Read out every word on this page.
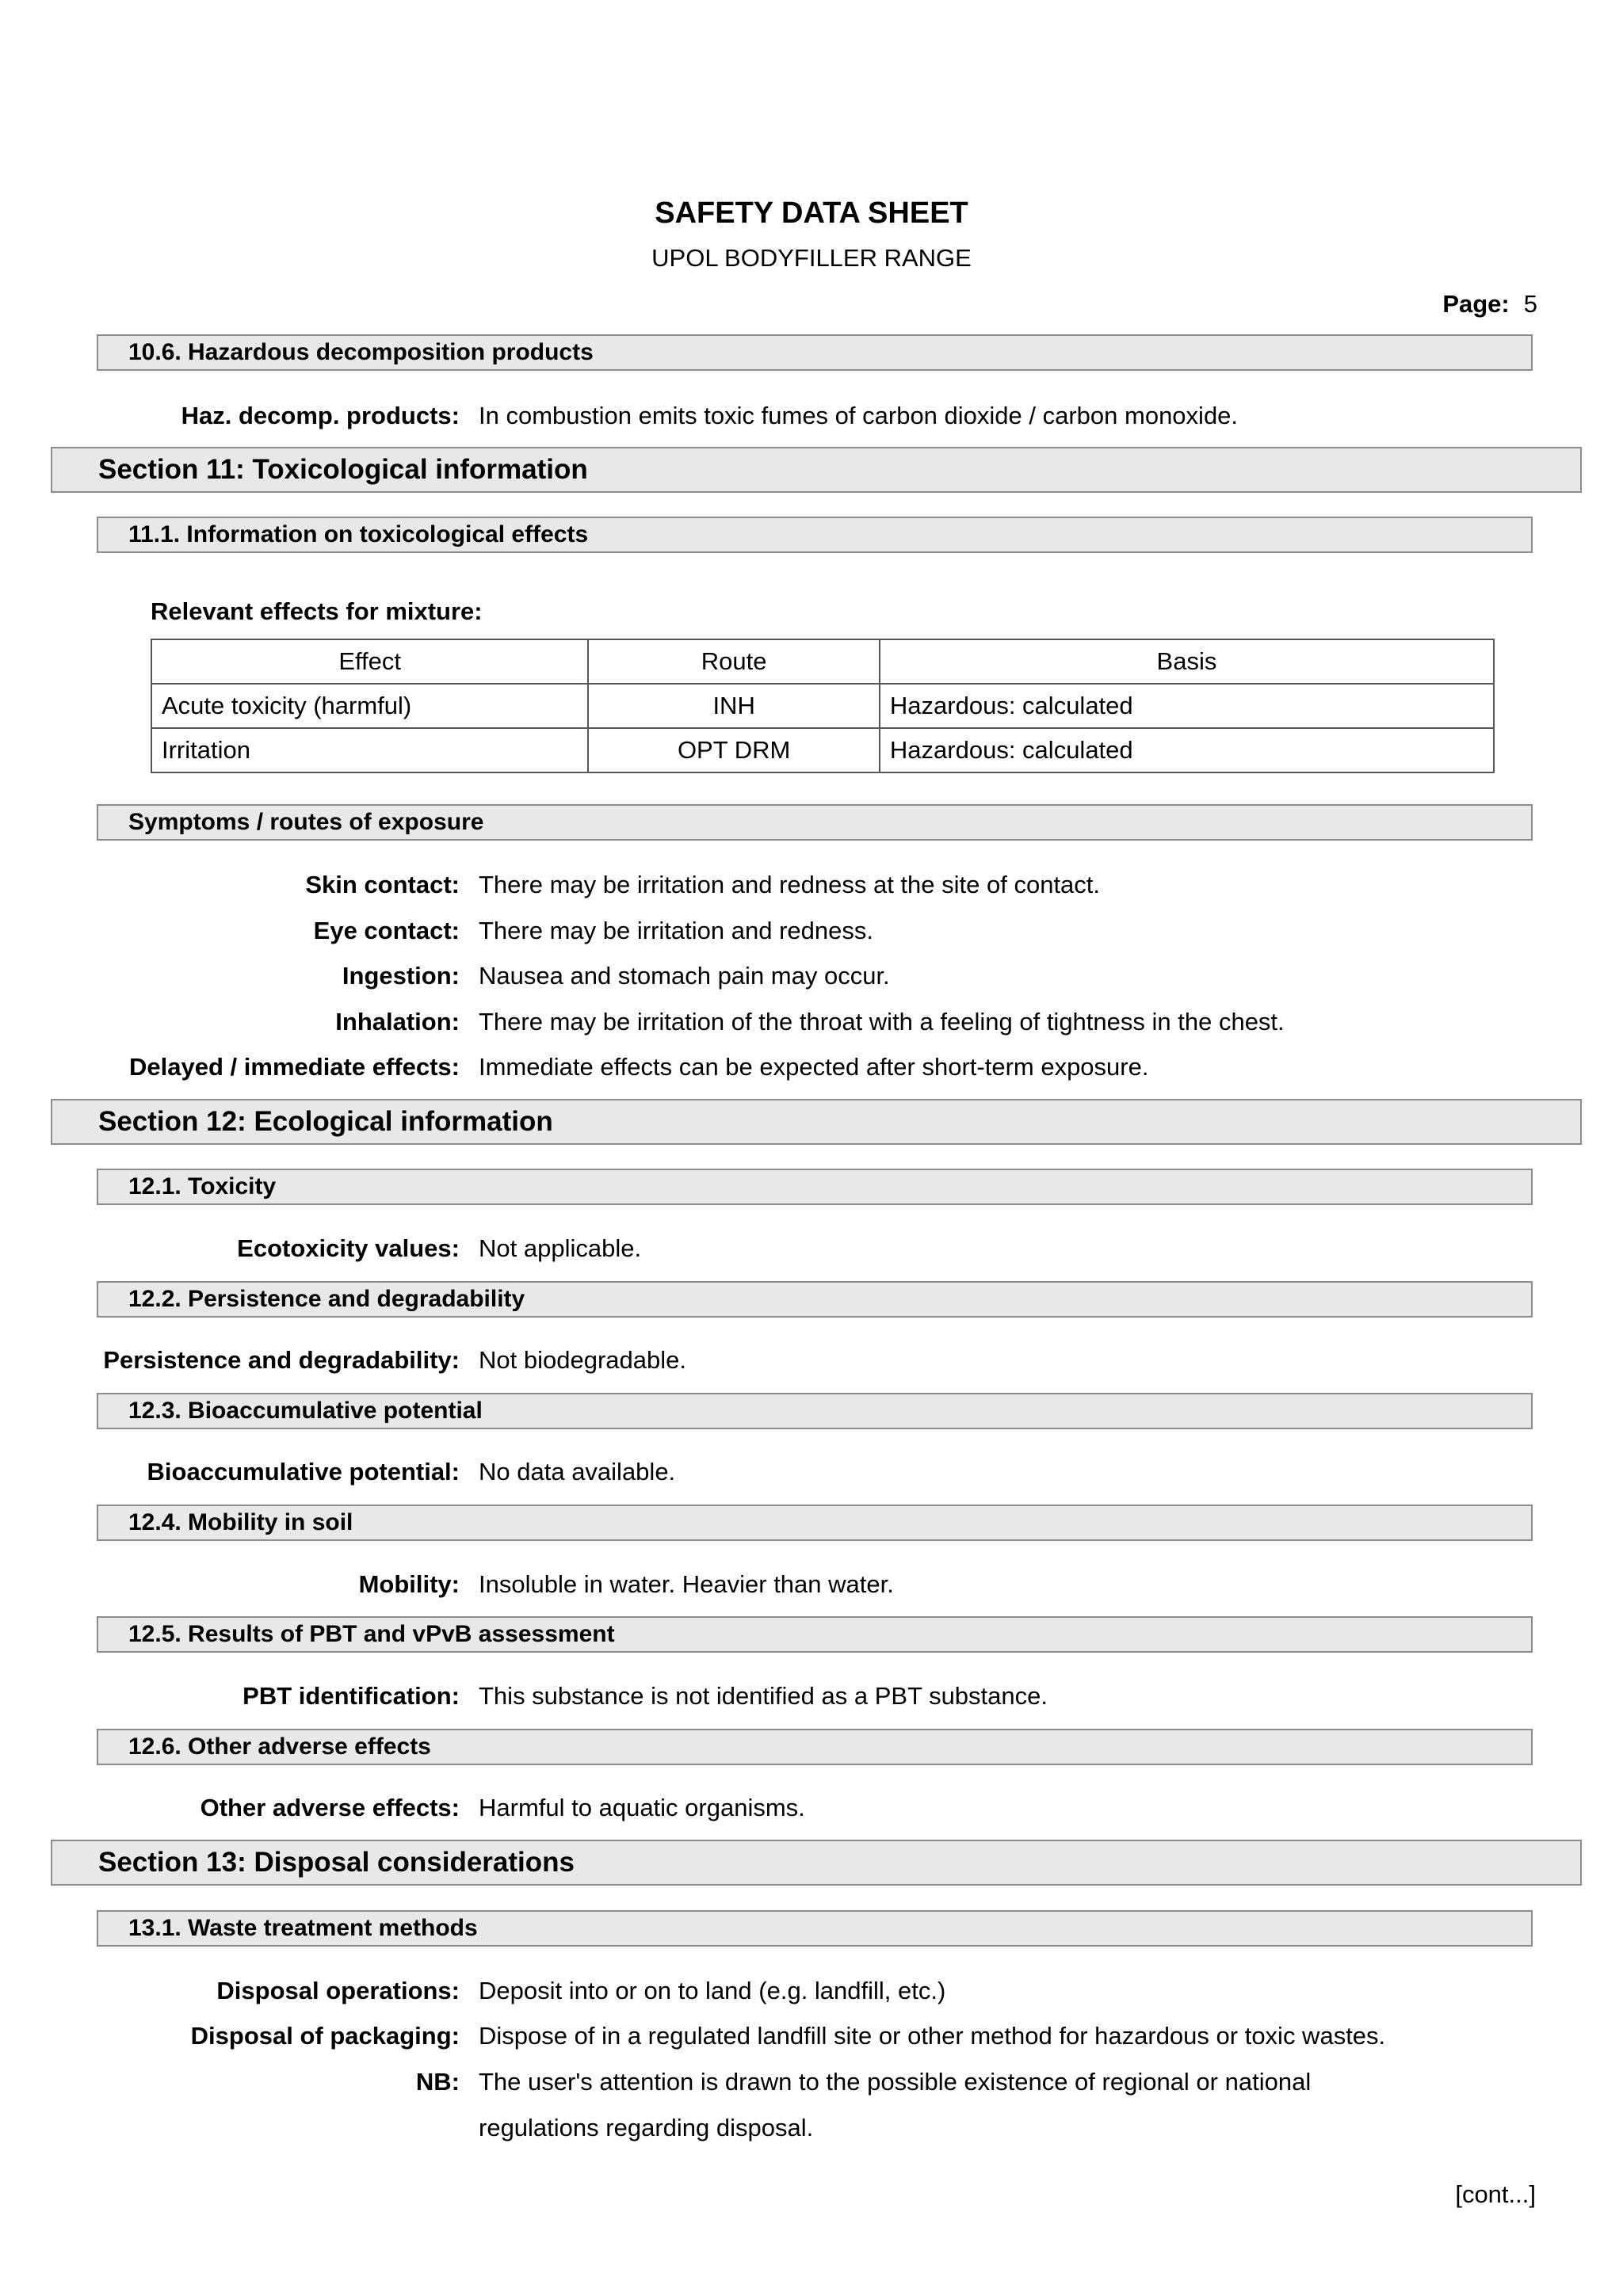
SAFETY DATA SHEET
UPOL BODYFILLER RANGE
Page: 5
10.6. Hazardous decomposition products
Haz. decomp. products: In combustion emits toxic fumes of carbon dioxide / carbon monoxide.
Section 11: Toxicological information
11.1. Information on toxicological effects
Relevant effects for mixture:
Effect	Route	Basis
Acute toxicity (harmful)	INH	Hazardous: calculated
Irritation	OPT DRM	Hazardous: calculated
Symptoms / routes of exposure
Skin contact: There may be irritation and redness at the site of contact.
Eye contact: There may be irritation and redness.
Ingestion: Nausea and stomach pain may occur.
Inhalation: There may be irritation of the throat with a feeling of tightness in the chest.
Delayed / immediate effects: Immediate effects can be expected after short-term exposure.
Section 12: Ecological information
12.1. Toxicity
Ecotoxicity values: Not applicable.
12.2. Persistence and degradability
Persistence and degradability: Not biodegradable.
12.3. Bioaccumulative potential
Bioaccumulative potential: No data available.
12.4. Mobility in soil
Mobility: Insoluble in water. Heavier than water.
12.5. Results of PBT and vPvB assessment
PBT identification: This substance is not identified as a PBT substance.
12.6. Other adverse effects
Other adverse effects: Harmful to aquatic organisms.
Section 13: Disposal considerations
13.1. Waste treatment methods
Disposal operations: Deposit into or on to land (e.g. landfill, etc.)
Disposal of packaging: Dispose of in a regulated landfill site or other method for hazardous or toxic wastes.
NB: The user's attention is drawn to the possible existence of regional or national
regulations regarding disposal.
[cont...]
